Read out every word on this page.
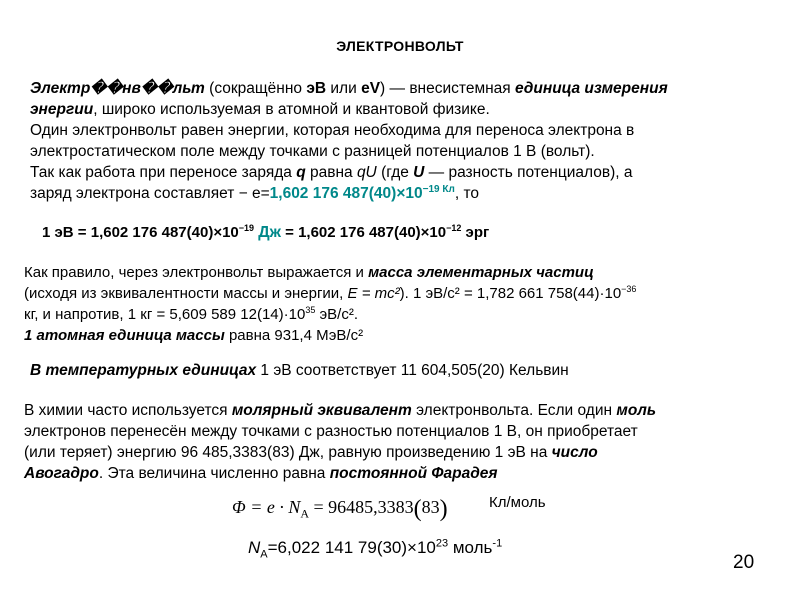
ЭЛЕКТРОНВОЛЬТ
Электр��нв��льт (сокращённо эВ или eV) — внесистемная единица измерения
энергии, широко используемая в атомной и квантовой физике.
Один электронвольт равен энергии, которая необходима для переноса электрона в
электростатическом поле между точками с разницей потенциалов 1 В (вольт).
Так как работа при переносе заряда q равна qU (где U — разность потенциалов), а
заряд электрона составляет − e=1,602 176 $487(40)\times 10^{-19 Кл}$, то
1 эВ = 1,602 176 $487(40)\times 10^{-19}$ Дж = 1,602 176 $487(40)\times 10^{-12}$ эрг
Как правило, через электронвольт выражается и масса элементарных частиц
(исходя из эквивалентности массы и энергии, E = mc²). 1 эВ/с² = 1,782 661 $758(44)\cdot 10^{-36}$
кг, и напротив, 1 кг = 5,609 589 $12(14)\cdot 10^{35}$ эВ/c².
1 атомная единица массы равна 931,4 МэВ/с²
В температурных единицах 1 эВ соответствует 11 604,505(20) Кельвин
В химии часто используется молярный эквивалент электронвольта. Если один моль
электронов перенесён между точками с разностью потенциалов 1 В, он приобретает
(или теряет) энергию 96 485,3383(83) Дж, равную произведению 1 эВ на число
Авогадро. Эта величина численно равна постоянной Фарадея
$\Phi = e \cdot N_A = 96485,3383(83)$	Кл/моль
$N_A=6,022$ 141 $79(30)\times 10^{23}$ моль$^{-1}$
20
